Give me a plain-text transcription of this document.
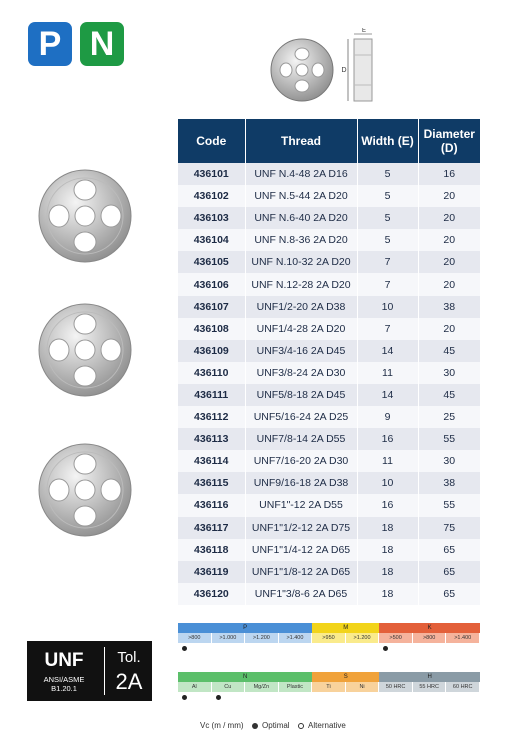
P N	E
D
Code	Thread	Width (E)	Diameter (D)
436101	UNF N.4-48 2A D16	5	16
436102	UNF N.5-44 2A D20	5	20
436103	UNF N.6-40 2A D20	5	20
436104	UNF N.8-36 2A D20	5	20
436105	UNF N.10-32 2A D20	7	20
436106	UNF N.12-28 2A D20	7	20
436107	UNF1/2-20 2A D38	10	38
436108	UNF1/4-28 2A D20	7	20
436109	UNF3/4-16 2A D45	14	45
436110	UNF3/8-24 2A D30	11	30
436111	UNF5/8-18 2A D45	14	45
436112	UNF5/16-24 2A D25	9	25
436113	UNF7/8-14 2A D55	16	55
436114	UNF7/16-20 2A D30	11	30
436115	UNF9/16-18 2A D38	10	38
436116	UNF1"-12 2A D55	16	55
436117	UNF1"1/2-12 2A D75	18	75
436118	UNF1"1/4-12 2A D65	18	65
436119	UNF1"1/8-12 2A D65	18	65
436120	UNF1"3/8-6 2A D65	18	65
UNF
ANSI/ASME B1.20.1
Tol.
2A
P
>800	>1.000	>1.200	>1.400
M
>950	>1.200
K
>500	>800	>1.400
N
Al	Cu	Mg/Zn	Plastic
S
Ti	Ni
H
50 HRC	55 HRC	60 HRC
Vc (m / mm) Optimal Alternative
